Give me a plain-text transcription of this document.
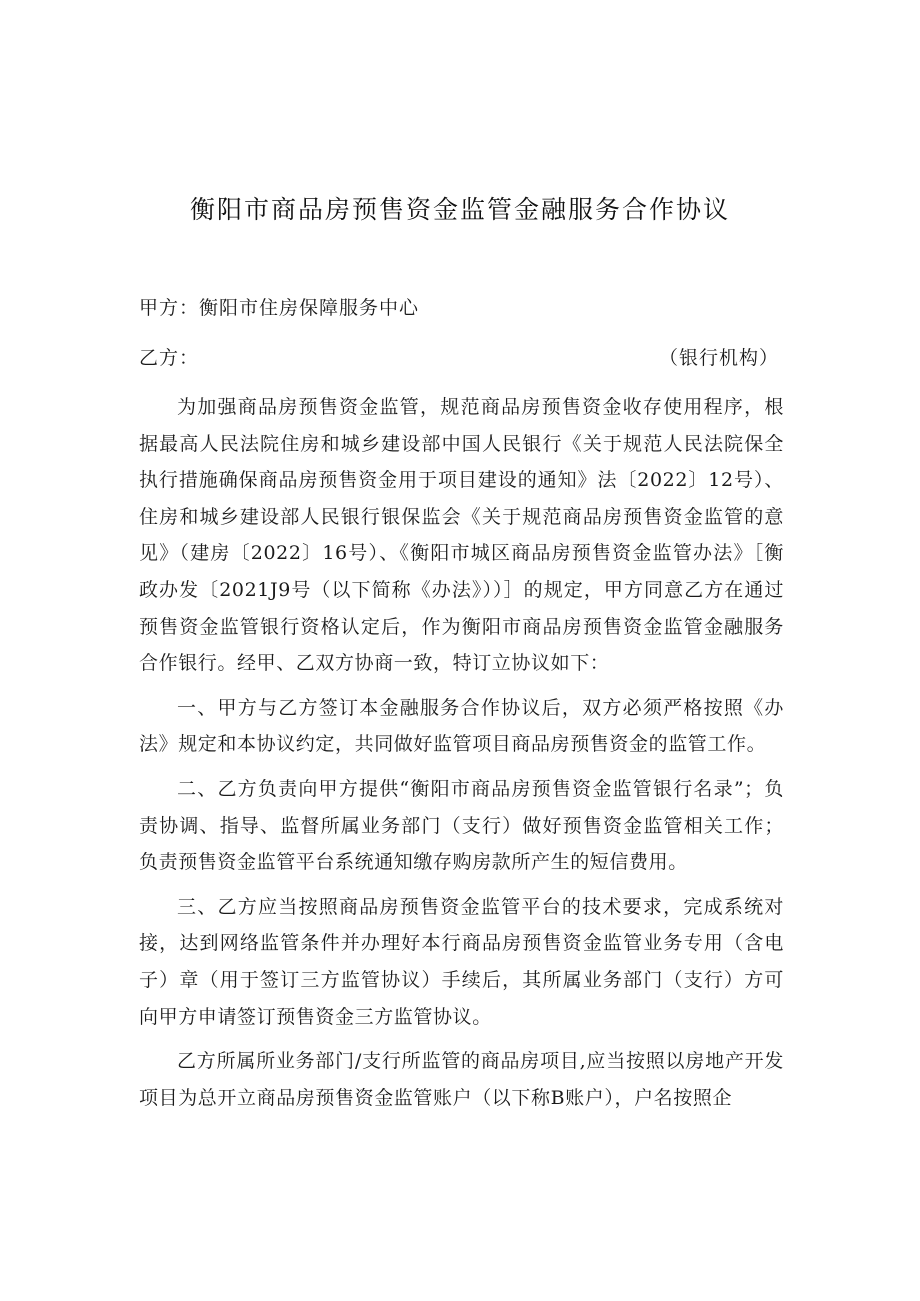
衡阳市商品房预售资金监管金融服务合作协议
甲方：衡阳市住房保障服务中心
乙方：	（银行机构）

为加强商品房预售资金监管，规范商品房预售资金收存使用程序，根据最高人民法院住房和城乡建设部中国人民银行《关于规范人民法院保全执行措施确保商品房预售资金用于项目建设的通知》法〔2022〕12号）、住房和城乡建设部人民银行银保监会《关于规范商品房预售资金监管的意见》（建房〔2022〕16号）、《衡阳市城区商品房预售资金监管办法》［衡政办发〔2021J9号（以下简称《办法》））］的规定，甲方同意乙方在通过预售资金监管银行资格认定后，作为衡阳市商品房预售资金监管金融服务合作银行。经甲、乙双方协商一致，特订立协议如下：

一、甲方与乙方签订本金融服务合作协议后，双方必须严格按照《办法》规定和本协议约定，共同做好监管项目商品房预售资金的监管工作。

二、乙方负责向甲方提供“衡阳市商品房预售资金监管银行名录”；负责协调、指导、监督所属业务部门（支行）做好预售资金监管相关工作；负责预售资金监管平台系统通知缴存购房款所产生的短信费用。

三、乙方应当按照商品房预售资金监管平台的技术要求，完成系统对接，达到网络监管条件并办理好本行商品房预售资金监管业务专用（含电子）章（用于签订三方监管协议）手续后，其所属业务部门（支行）方可向甲方申请签订预售资金三方监管协议。

乙方所属所业务部门/支行所监管的商品房项目,应当按照以房地产开发项目为总开立商品房预售资金监管账户（以下称B账户），户名按照企
